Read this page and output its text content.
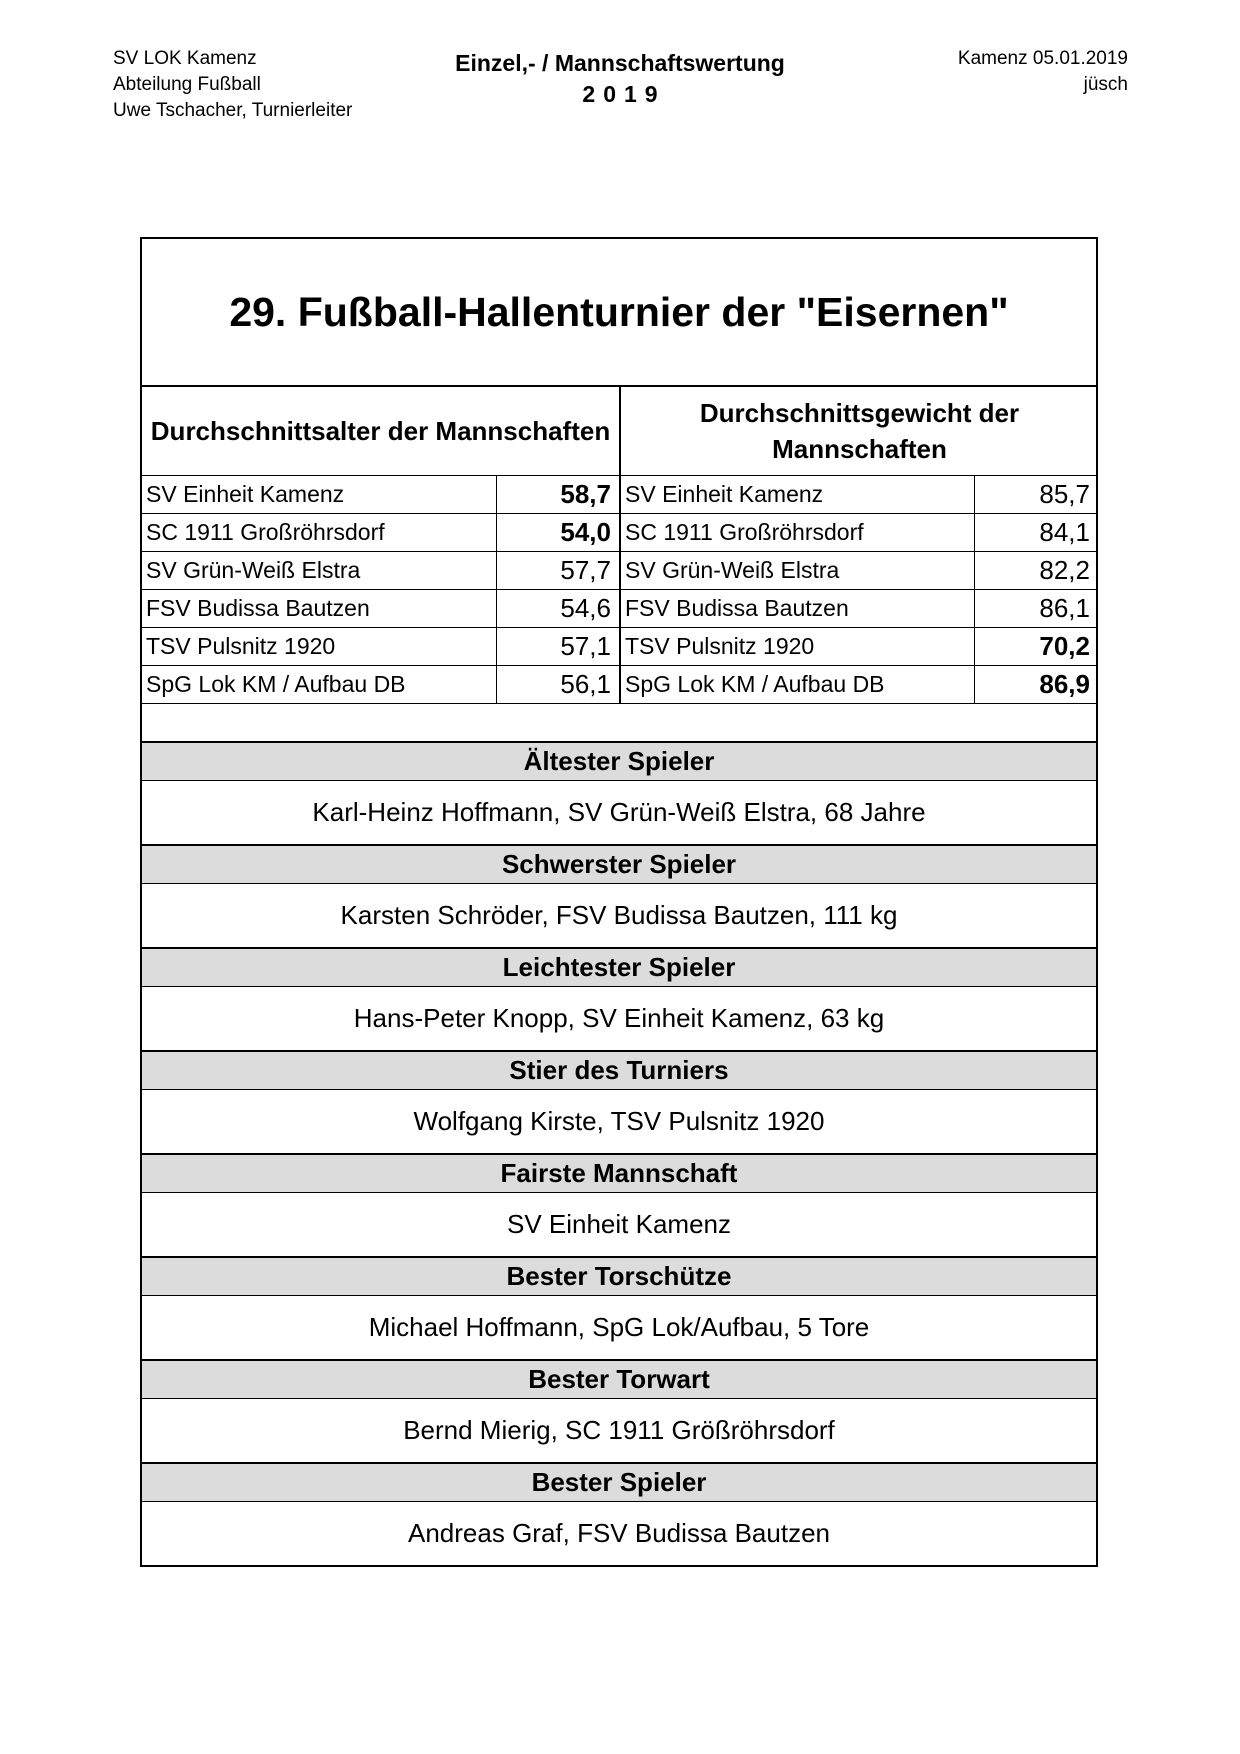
SV LOK Kamenz
Abteilung Fußball
Uwe Tschacher, Turnierleiter
Einzel,- / Mannschaftswertung
2019
Kamenz 05.01.2019
jüsch
29. Fußball-Hallenturnier der "Eisernen"
Durchschnittsalter der Mannschaften		Durchschnittsgewicht der Mannschaften	
SV Einheit Kamenz	58,7	SV Einheit Kamenz	85,7
SC 1911 Großröhrsdorf	54,0	SC 1911 Großröhrsdorf	84,1
SV Grün-Weiß Elstra	57,7	SV Grün-Weiß Elstra	82,2
FSV Budissa Bautzen	54,6	FSV Budissa Bautzen	86,1
TSV Pulsnitz 1920	57,1	TSV Pulsnitz 1920	70,2
SpG Lok KM / Aufbau DB	56,1	SpG Lok KM / Aufbau DB	86,9
Ältester Spieler
Karl-Heinz Hoffmann, SV Grün-Weiß Elstra, 68 Jahre
Schwerster Spieler
Karsten Schröder, FSV Budissa Bautzen, 111 kg
Leichtester Spieler
Hans-Peter Knopp, SV Einheit Kamenz, 63 kg
Stier des Turniers
Wolfgang Kirste, TSV Pulsnitz 1920
Fairste Mannschaft
SV Einheit Kamenz
Bester Torschütze
Michael Hoffmann, SpG Lok/Aufbau, 5 Tore
Bester Torwart
Bernd Mierig, SC 1911 Größröhrsdorf
Bester Spieler
Andreas Graf, FSV Budissa Bautzen
